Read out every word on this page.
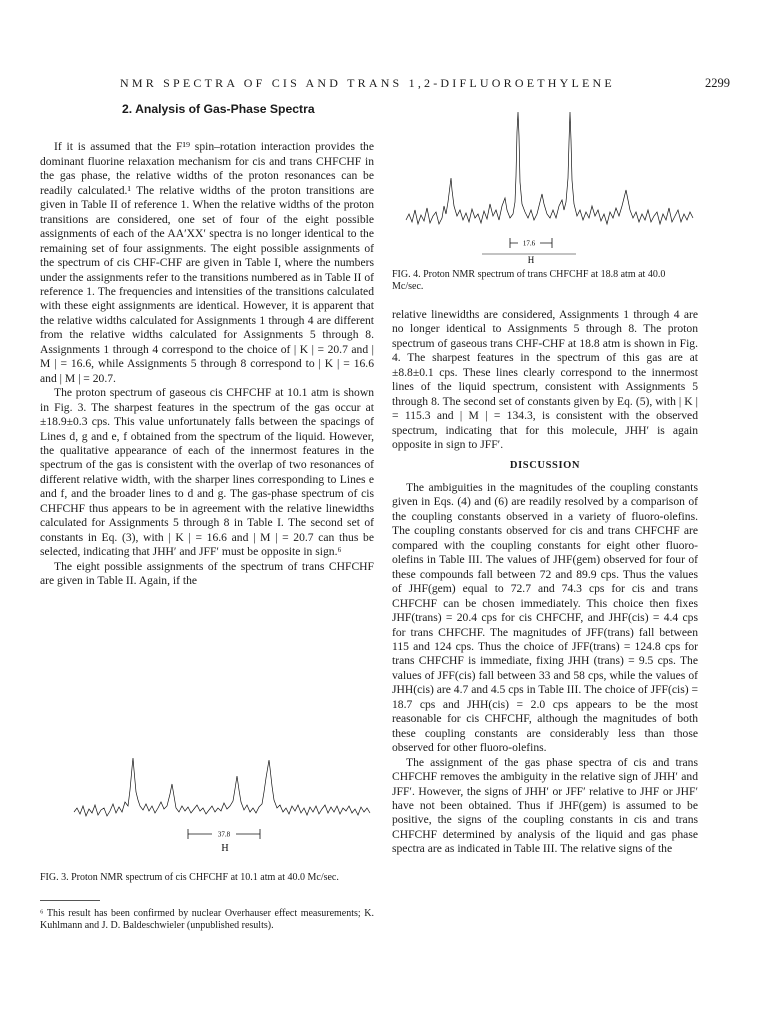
NMR SPECTRA OF CIS AND TRANS 1,2-DIFLUOROETHYLENE	2299

2. Analysis of Gas-Phase Spectra

If it is assumed that the F¹⁹ spin–rotation interaction provides the dominant fluorine relaxation mechanism for cis and trans CHFCHF in the gas phase, the relative widths of the proton resonances can be readily calculated.¹ The relative widths of the proton transitions are given in Table II of reference 1. When the relative widths of the proton transitions are considered, one set of four of the eight possible assignments of each of the AA′XX′ spectra is no longer identical to the remaining set of four assignments. The eight possible assignments of the spectrum of cis CHF-CHF are given in Table I, where the numbers under the assignments refer to the transitions numbered as in Table II of reference 1. The frequencies and intensities of the transitions calculated with these eight assignments are identical. However, it is apparent that the relative widths calculated for Assignments 1 through 4 are different from the relative widths calculated for Assignments 5 through 8. Assignments 1 through 4 correspond to the choice of | K | = 20.7 and | M | = 16.6, while Assignments 5 through 8 correspond to | K | = 16.6 and | M | = 20.7.

The proton spectrum of gaseous cis CHFCHF at 10.1 atm is shown in Fig. 3. The sharpest features in the spectrum of the gas occur at ±18.9±0.3 cps. This value unfortunately falls between the spacings of Lines d, g and e, f obtained from the spectrum of the liquid. However, the qualitative appearance of each of the innermost features in the spectrum of the gas is consistent with the overlap of two resonances of different relative width, with the sharper lines corresponding to Lines e and f, and the broader lines to d and g. The gas-phase spectrum of cis CHFCHF thus appears to be in agreement with the relative linewidths calculated for Assignments 5 through 8 in Table I. The second set of constants in Eq. (3), with | K | = 16.6 and | M | = 20.7 can thus be selected, indicating that JHH′ and JFF′ must be opposite in sign.⁶

The eight possible assignments of the spectrum of trans CHFCHF are given in Table II. Again, if the

37.8
H
FIG. 3. Proton NMR spectrum of cis CHFCHF at 10.1 atm at 40.0 Mc/sec.
⁶ This result has been confirmed by nuclear Overhauser effect measurements; K. Kuhlmann and J. D. Baldeschwieler (unpublished results).
17.6
H
FIG. 4. Proton NMR spectrum of trans CHFCHF at 18.8 atm at 40.0 Mc/sec.

relative linewidths are considered, Assignments 1 through 4 are no longer identical to Assignments 5 through 8. The proton spectrum of gaseous trans CHF-CHF at 18.8 atm is shown in Fig. 4. The sharpest features in the spectrum of this gas are at ±8.8±0.1 cps. These lines clearly correspond to the innermost lines of the liquid spectrum, consistent with Assignments 5 through 8. The second set of constants given by Eq. (5), with | K | = 115.3 and | M | = 134.3, is consistent with the observed spectrum, indicating that for this molecule, JHH′ is again opposite in sign to JFF′.

DISCUSSION

The ambiguities in the magnitudes of the coupling constants given in Eqs. (4) and (6) are readily resolved by a comparison of the coupling constants observed in a variety of fluoro-olefins. The coupling constants observed for cis and trans CHFCHF are compared with the coupling constants for eight other fluoro-olefins in Table III. The values of JHF(gem) observed for four of these compounds fall between 72 and 89.9 cps. Thus the values of JHF(gem) equal to 72.7 and 74.3 cps for cis and trans CHFCHF can be chosen immediately. This choice then fixes JHF(trans) = 20.4 cps for cis CHFCHF, and JHF(cis) = 4.4 cps for trans CHFCHF. The magnitudes of JFF(trans) fall between 115 and 124 cps. Thus the choice of JFF(trans) = 124.8 cps for trans CHFCHF is immediate, fixing JHH (trans) = 9.5 cps. The values of JFF(cis) fall between 33 and 58 cps, while the values of JHH(cis) are 4.7 and 4.5 cps in Table III. The choice of JFF(cis) = 18.7 cps and JHH(cis) = 2.0 cps appears to be the most reasonable for cis CHFCHF, although the magnitudes of both these coupling constants are considerably less than those observed for other fluoro-olefins.

The assignment of the gas phase spectra of cis and trans CHFCHF removes the ambiguity in the relative sign of JHH′ and JFF′. However, the signs of JHH′ or JFF′ relative to JHF or JHF′ have not been obtained. Thus if JHF(gem) is assumed to be positive, the signs of the coupling constants in cis and trans CHFCHF determined by analysis of the liquid and gas phase spectra are as indicated in Table III. The relative signs of the
